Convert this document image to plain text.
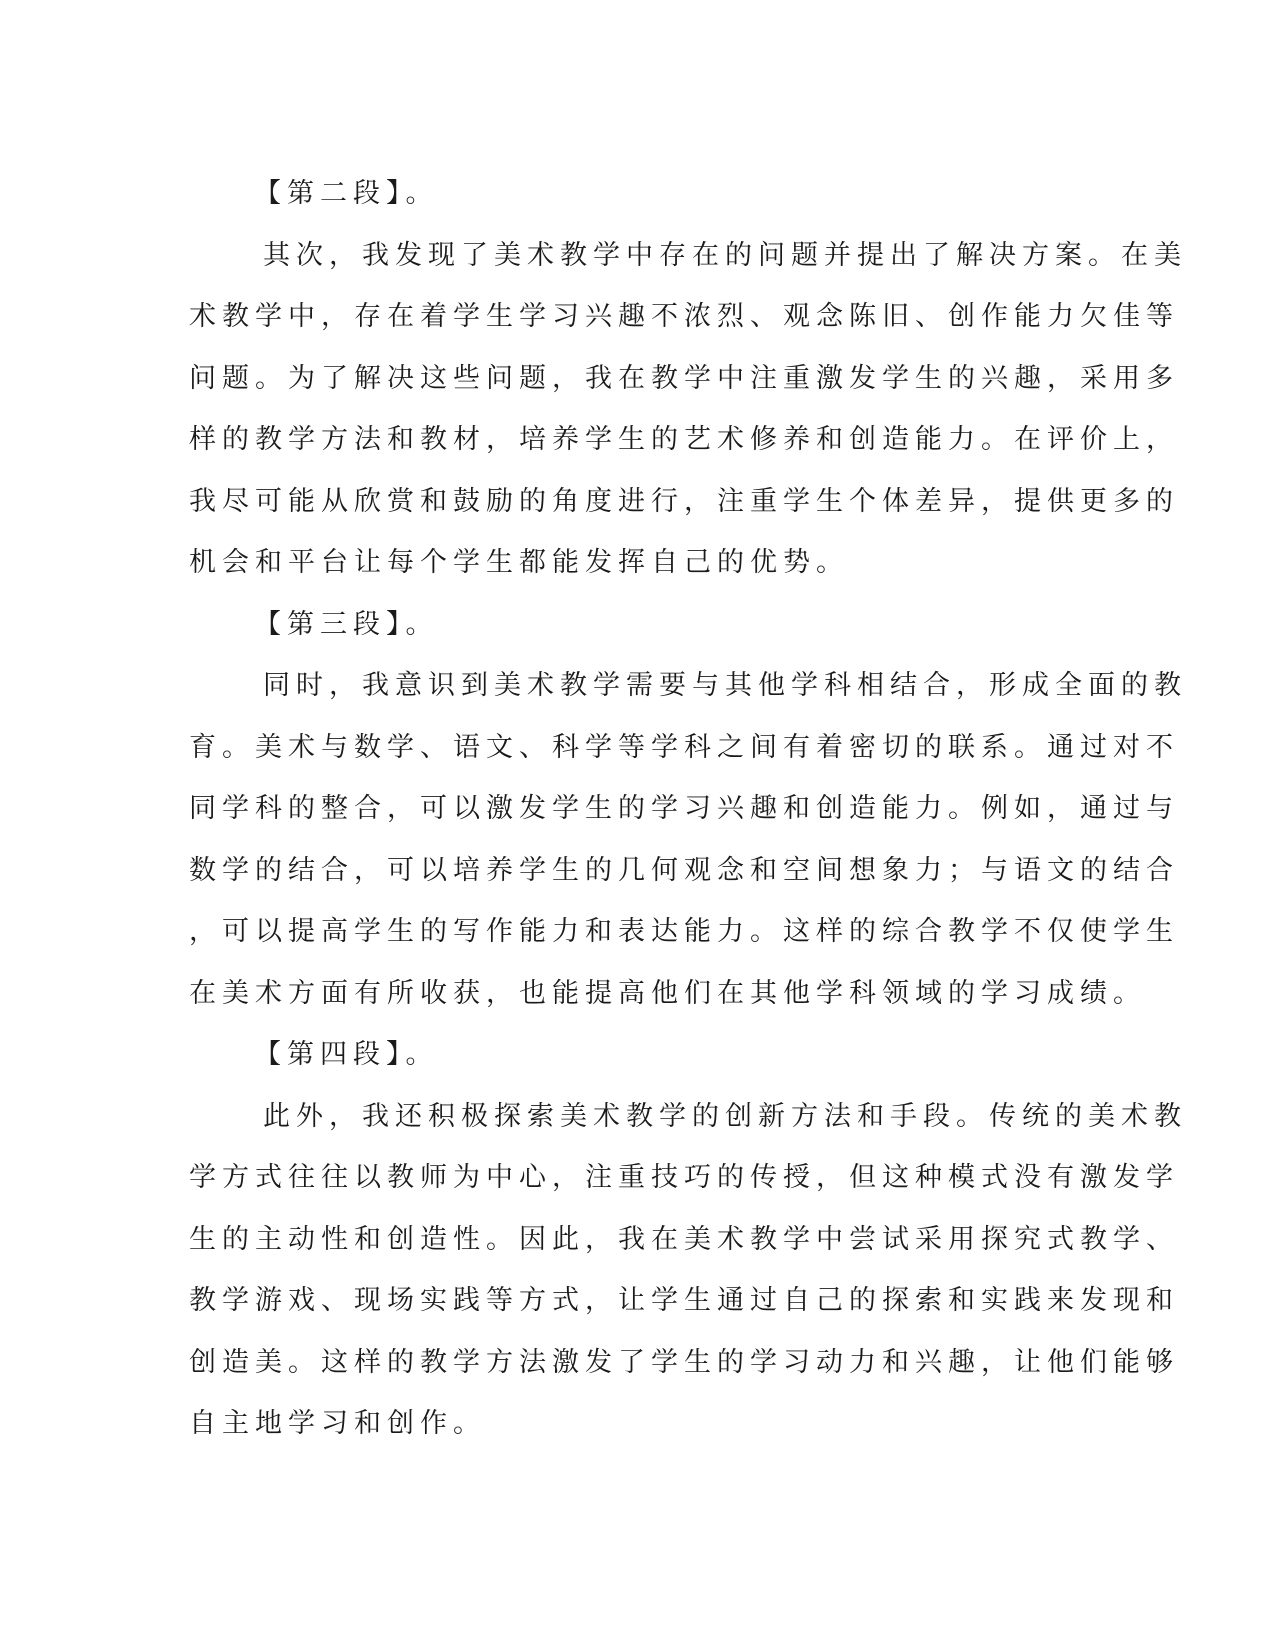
【第二段】。
其次，我发现了美术教学中存在的问题并提出了解决方案。在美
术教学中，存在着学生学习兴趣不浓烈、观念陈旧、创作能力欠佳等
问题。为了解决这些问题，我在教学中注重激发学生的兴趣，采用多
样的教学方法和教材，培养学生的艺术修养和创造能力。在评价上，
我尽可能从欣赏和鼓励的角度进行，注重学生个体差异，提供更多的
机会和平台让每个学生都能发挥自己的优势。
【第三段】。
同时，我意识到美术教学需要与其他学科相结合，形成全面的教
育。美术与数学、语文、科学等学科之间有着密切的联系。通过对不
同学科的整合，可以激发学生的学习兴趣和创造能力。例如，通过与
数学的结合，可以培养学生的几何观念和空间想象力；与语文的结合
，可以提高学生的写作能力和表达能力。这样的综合教学不仅使学生
在美术方面有所收获，也能提高他们在其他学科领域的学习成绩。
【第四段】。
此外，我还积极探索美术教学的创新方法和手段。传统的美术教
学方式往往以教师为中心，注重技巧的传授，但这种模式没有激发学
生的主动性和创造性。因此，我在美术教学中尝试采用探究式教学、
教学游戏、现场实践等方式，让学生通过自己的探索和实践来发现和
创造美。这样的教学方法激发了学生的学习动力和兴趣，让他们能够
自主地学习和创作。
